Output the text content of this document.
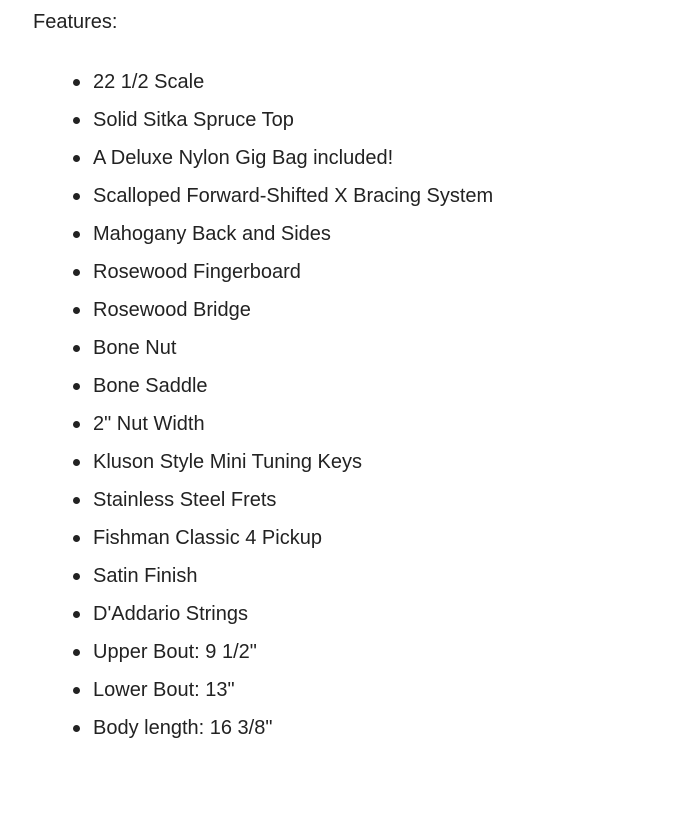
Features:

22 1/2 Scale
Solid Sitka Spruce Top
A Deluxe Nylon Gig Bag included!
Scalloped Forward-Shifted X Bracing System
Mahogany Back and Sides
Rosewood Fingerboard
Rosewood Bridge
Bone Nut
Bone Saddle
2" Nut Width
Kluson Style Mini Tuning Keys
Stainless Steel Frets
Fishman Classic 4 Pickup
Satin Finish
D'Addario Strings
Upper Bout: 9 1/2"
Lower Bout: 13"
Body length: 16 3/8"
